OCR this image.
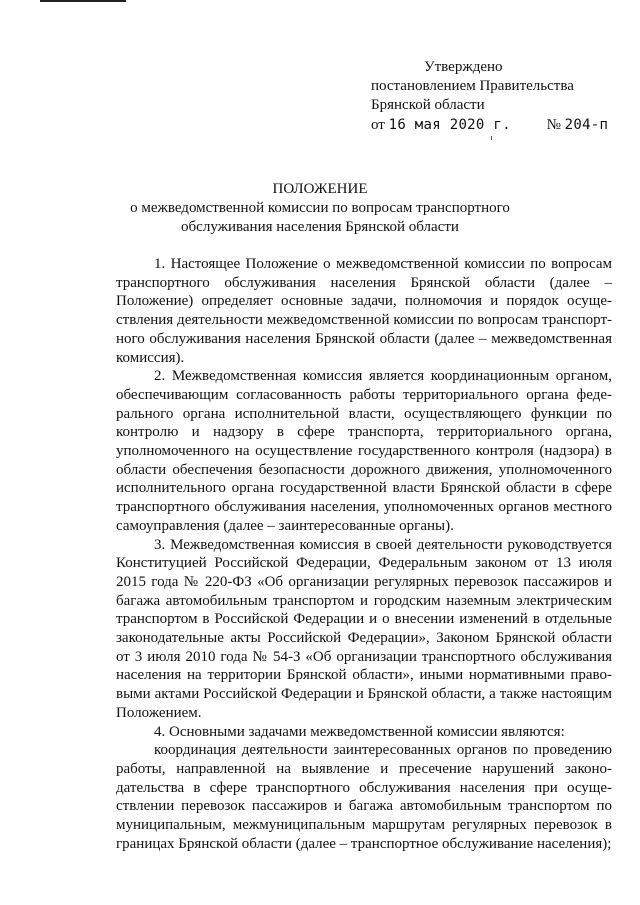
Утверждено
постановлением Правительства
Брянской области
от 16 мая 2020 г. № 204-п
ПОЛОЖЕНИЕ
о межведомственной комиссии по вопросам транспортного
обслуживания населения Брянской области

1. Настоящее Положение о межведомственной комиссии по вопросам транспортного обслуживания населения Брянской области (далее – Положение) определяет основные задачи, полномочия и порядок осуществления деятельности межведомственной комиссии по вопросам транспортного обслуживания населения Брянской области (далее – межведомственная комиссия).

2. Межведомственная комиссия является координационным органом, обеспечивающим согласованность работы территориального органа федерального органа исполнительной власти, осуществляющего функции по контролю и надзору в сфере транспорта, территориального органа, уполномоченного на осуществление государственного контроля (надзора) в области обеспечения безопасности дорожного движения, уполномоченного исполнительного органа государственной власти Брянской области в сфере транспортного обслуживания населения, уполномоченных органов местного самоуправления (далее – заинтересованные органы).

3. Межведомственная комиссия в своей деятельности руководствуется Конституцией Российской Федерации, Федеральным законом от 13 июля 2015 года № 220-ФЗ «Об организации регулярных перевозок пассажиров и багажа автомобильным транспортом и городским наземным электрическим транспортом в Российской Федерации и о внесении изменений в отдельные законодательные акты Российской Федерации», Законом Брянской области от 3 июля 2010 года № 54-З «Об организации транспортного обслуживания населения на территории Брянской области», иными нормативными правовыми актами Российской Федерации и Брянской области, а также настоящим Положением.

4. Основными задачами межведомственной комиссии являются:

координация деятельности заинтересованных органов по проведению работы, направленной на выявление и пресечение нарушений законодательства в сфере транспортного обслуживания населения при осуществлении перевозок пассажиров и багажа автомобильным транспортом по муниципальным, межмуниципальным маршрутам регулярных перевозок в границах Брянской области (далее – транспортное обслуживание населения);
